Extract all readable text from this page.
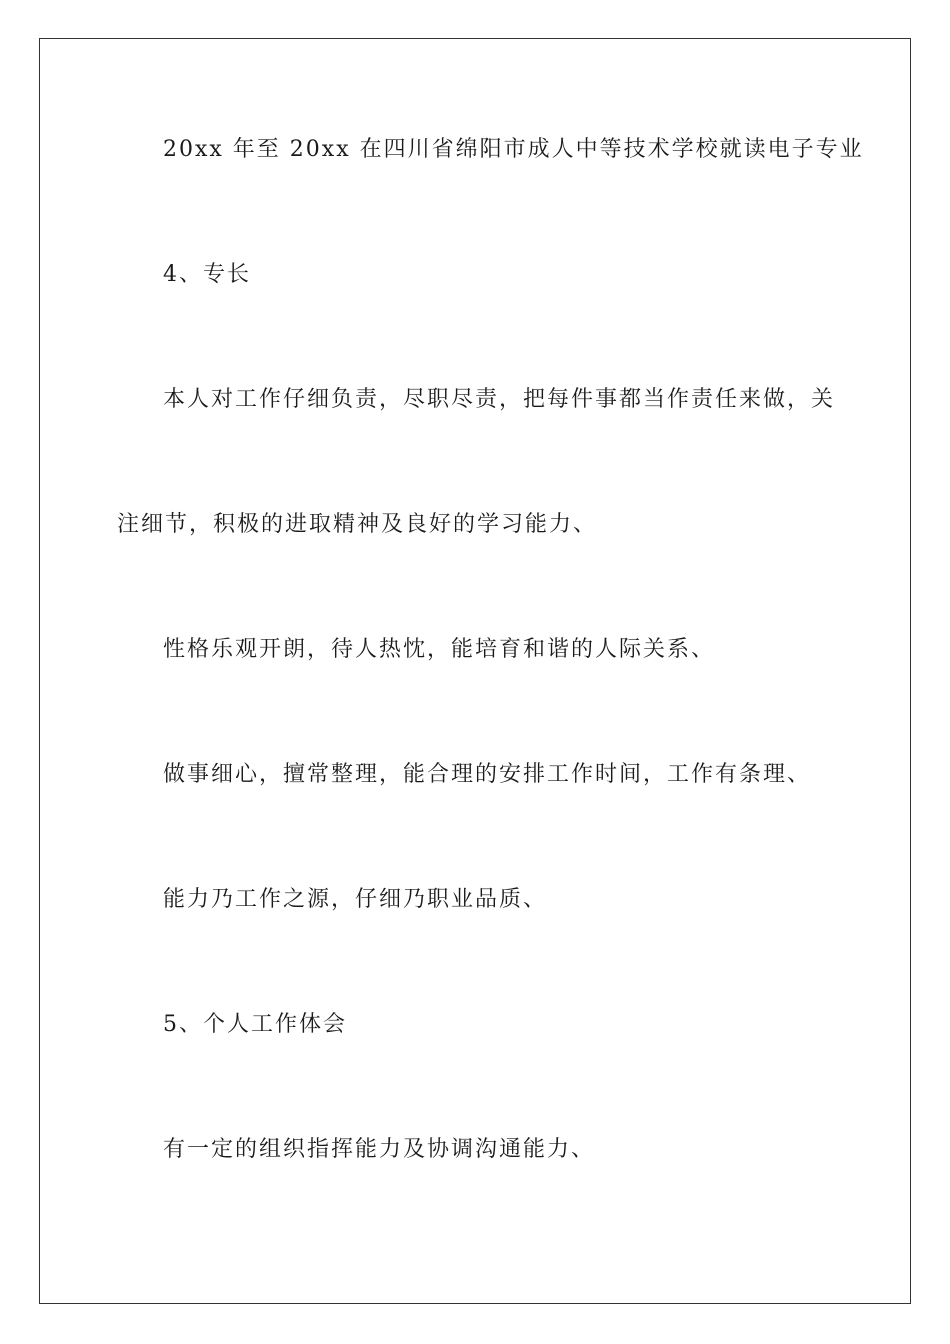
20xx 年至 20xx 在四川省绵阳市成人中等技术学校就读电子专业

4、专长

本人对工作仔细负责，尽职尽责，把每件事都当作责任来做，关

注细节，积极的进取精神及良好的学习能力、

性格乐观开朗，待人热忱，能培育和谐的人际关系、

做事细心，擅常整理，能合理的安排工作时间，工作有条理、

能力乃工作之源，仔细乃职业品质、

5、个人工作体会

有一定的组织指挥能力及协调沟通能力、
